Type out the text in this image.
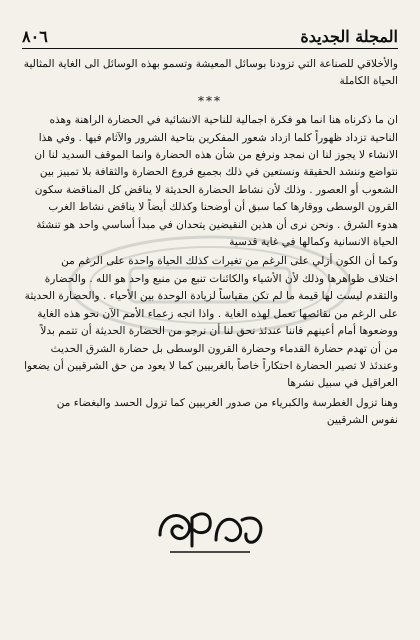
٨٠٦	المجلة الجديدة
والأخلاقي للصناعة التي تزودنا بوسائل المعيشة وتسمو بهذه الوسائل الى الغاية المثالية
الحياة الكاملة
***
ان ما ذكرناه هنا انما هو فكرة اجمالية للناحية الانشائية في الحضارة الراهنة وهذه
الناحية تزداد ظهوراً كلما ازداد شعور المفكرين بتاحية الشرور والآثام فيها . وفي هذا
الانشاء لا يجوز لنا ان نمجد ونرفع من شأن هذه الحضارة وانما الموقف السديد لنا ان
نتواضع وننشد الحقيقة ونستعين في ذلك بجميع فروع الحضارة والثقافة بلا تمييز بين
الشعوب أو العصور . وذلك لأن نشاط الحضارة الحديثة لا يناقض كل المناقضة سكون
القرون الوسطى ووقارها كما سبق أن أوضحنا وكذلك أيضاً لا يناقض نشاط الغرب
هدوء الشرق . ونحن نرى أن هذين النقيضين يتحدان في مبدأ أساسي واحد هو تنشئة
الحياة الانسانية وكمالها في غاية قدسية
وكما أن الكون أزلي على الرغم من تغيرات كذلك الحياة واحدة على الرغم من
اختلاف ظواهرها وذلك لأن الأشياء والكائنات تنبع من منبع واحد هو الله . والحضارة
والتقدم ليست لها قيمة ما لم تكن مقياساً لزيادة الوحدة بين الأحياء . والحضارة الحديثة
على الرغم من نقائصها تعمل لهذه الغاية . واذا اتجه زعماء الأمم الآن نحو هذه الغاية
ووضعوها أمام أعينهم فاننا عندئذ نحق لنا أن نرجو من الحضارة الحديثة أن تتمم بدلاً
من أن تهدم حضارة القدماء وحضارة القرون الوسطى بل حضارة الشرق الحديث
وعندئذ لا تصير الحضارة احتكاراً خاصاً بالغربيين كما لا يعود من حق الشرقيين أن يضعوا
العراقيل في سبيل نشرها
وهنا تزول الغطرسة والكبرياء من صدور الغربيين كما تزول الحسد والبغضاء من
نفوس الشرقيين
